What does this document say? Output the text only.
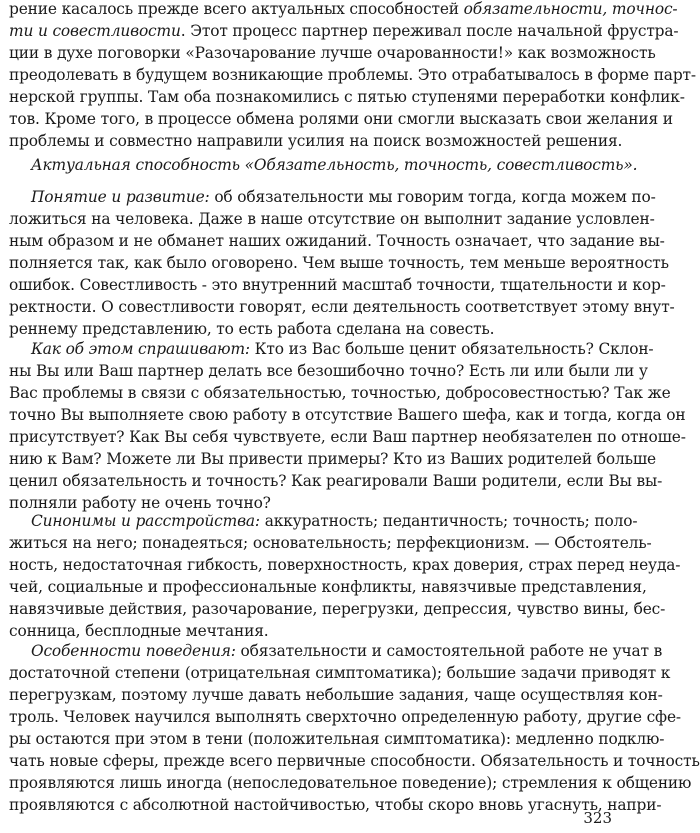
рение касалось прежде всего актуальных способностей обязательности, точнос-
ти и совестливости. Этот процесс партнер переживал после начальной фрустра-
ции в духе поговорки «Разочарование лучше очарованности!» как возможность
преодолевать в будущем возникающие проблемы. Это отрабатывалось в форме парт-
нерской группы. Там оба познакомились с пятью ступенями переработки конфлик-
тов. Кроме того, в процессе обмена ролями они смогли высказать свои желания и
проблемы и совместно направили усилия на поиск возможностей решения.
Актуальная способность «Обязательность, точность, совестливость».
Понятие и развитие: об обязательности мы говорим тогда, когда можем по-
ложиться на человека. Даже в наше отсутствие он выполнит задание условлен-
ным образом и не обманет наших ожиданий. Точность означает, что задание вы-
полняется так, как было оговорено. Чем выше точность, тем меньше вероятность
ошибок. Совестливость - это внутренний масштаб точности, тщательности и кор-
ректности. О совестливости говорят, если деятельность соответствует этому внут-
реннему представлению, то есть работа сделана на совесть.
Как об этом спрашивают: Кто из Вас больше ценит обязательность? Склон-
ны Вы или Ваш партнер делать все безошибочно точно? Есть ли или были ли у
Вас проблемы в связи с обязательностью, точностью, добросовестностью? Так же
точно Вы выполняете свою работу в отсутствие Вашего шефа, как и тогда, когда он
присутствует? Как Вы себя чувствуете, если Ваш партнер необязателен по отноше-
нию к Вам? Можете ли Вы привести примеры? Кто из Ваших родителей больше
ценил обязательность и точность? Как реагировали Ваши родители, если Вы вы-
полняли работу не очень точно?
Синонимы и расстройства: аккуратность; педантичность; точность; поло-
житься на него; понадеяться; основательность; перфекционизм. — Обстоятель-
ность, недостаточная гибкость, поверхностность, крах доверия, страх перед неуда-
чей, социальные и профессиональные конфликты, навязчивые представления,
навязчивые действия, разочарование, перегрузки, депрессия, чувство вины, бес-
сонница, бесплодные мечтания.
Особенности поведения: обязательности и самостоятельной работе не учат в
достаточной степени (отрицательная симптоматика); большие задачи приводят к
перегрузкам, поэтому лучше давать небольшие задания, чаще осуществляя кон-
троль. Человек научился выполнять сверхточно определенную работу, другие сфе-
ры остаются при этом в тени (положительная симптоматика): медленно подклю-
чать новые сферы, прежде всего первичные способности. Обязательность и точность
проявляются лишь иногда (непоследовательное поведение); стремления к общению
проявляются с абсолютной настойчивостью, чтобы скоро вновь угаснуть, напри-
323
